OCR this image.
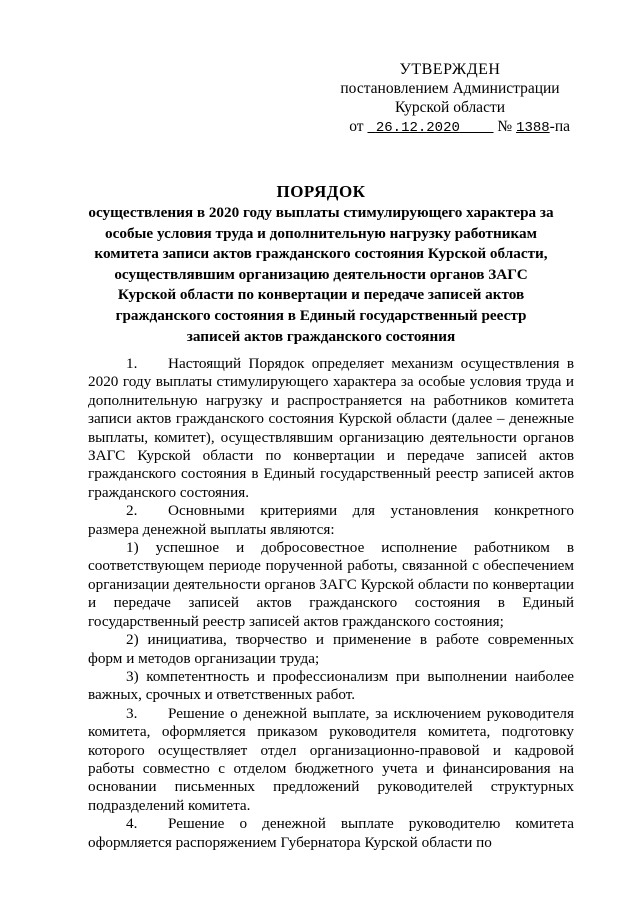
УТВЕРЖДЕН
постановлением Администрации
Курской области
от 26.12.2020 № 1388-па
ПОРЯДОК
осуществления в 2020 году выплаты стимулирующего характера за особые условия труда и дополнительную нагрузку работникам комитета записи актов гражданского состояния Курской области, осуществлявшим организацию деятельности органов ЗАГС Курской области по конвертации и передаче записей актов гражданского состояния в Единый государственный реестр записей актов гражданского состояния

1. Настоящий Порядок определяет механизм осуществления в 2020 году выплаты стимулирующего характера за особые условия труда и дополнительную нагрузку и распространяется на работников комитета записи актов гражданского состояния Курской области (далее – денежные выплаты, комитет), осуществлявшим организацию деятельности органов ЗАГС Курской области по конвертации и передаче записей актов гражданского состояния в Единый государственный реестр записей актов гражданского состояния.

2. Основными критериями для установления конкретного размера денежной выплаты являются:

1) успешное и добросовестное исполнение работником в соответствующем периоде порученной работы, связанной с обеспечением организации деятельности органов ЗАГС Курской области по конвертации и передаче записей актов гражданского состояния в Единый государственный реестр записей актов гражданского состояния;

2) инициатива, творчество и применение в работе современных форм и методов организации труда;

3) компетентность и профессионализм при выполнении наиболее важных, срочных и ответственных работ.

3. Решение о денежной выплате, за исключением руководителя комитета, оформляется приказом руководителя комитета, подготовку которого осуществляет отдел организационно-правовой и кадровой работы совместно с отделом бюджетного учета и финансирования на основании письменных предложений руководителей структурных подразделений комитета.

4. Решение о денежной выплате руководителю комитета оформляется распоряжением Губернатора Курской области по
